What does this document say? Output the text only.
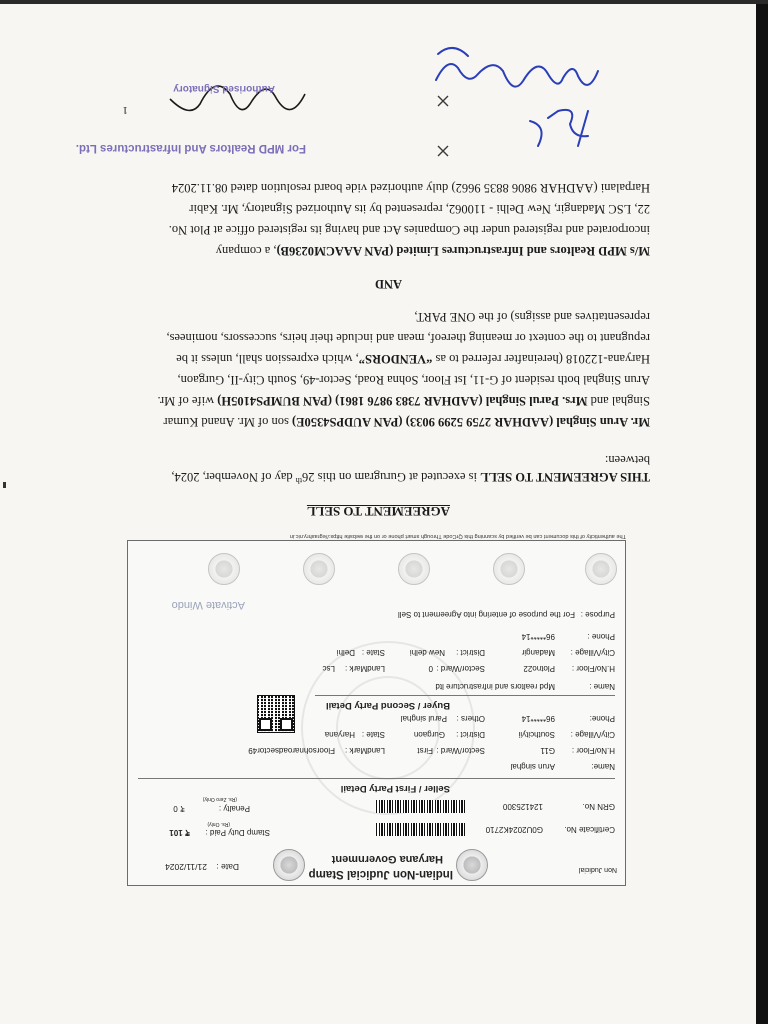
Non Judicial
Indian-Non Judicial Stamp
Haryana Government
Date :
21/11/2024
Certificate No.
G0U2024K2710
Stamp Duty Paid :
₹ 101
(Rs. Only)
GRN No.
124125300
Penalty :
₹ 0
(Rs. Zero Only)
Seller / First Party Detail
Name:
Arun singhal
H.No/Floor :
G11
Sector/Ward :
First
LandMark :
Floorsohnaroadsector49
City/Village :
Southcityii
District :
Gurgaon
State :
Haryana
Phone:
96*****14
Others :
Parul singhal
Buyer / Second Party Detail
Name :
Mpd realtors and infrastructure ltd
H.No/Floor :
Plotno22
Sector/Ward :
0
LandMark :
Lsc
City/Village :
Madangir
District :
New delhi
State :
Delhi
Phone :
96*****14
Purpose :
For the purpose of entering into Agreement to Sell
Activate Windo
The authenticity of this document can be verified by scanning this QrCode Through smart phone or on the website https://egrashry.nic.in
AGREEMENT TO SELL
THIS AGREEMENT TO SELL is executed at Gurugram on this 26th day of November, 2024,
between:
Mr. Arun Singhal (AADHAR 2759 5299 9033) (PAN AUDPS4350E) son of Mr. Anand Kumar
Singhal and Mrs. Parul Singhal (AADHAR 7383 9876 1861) (PAN BUMPS4105H) wife of Mr.
Arun Singhal both resident of G-11, Ist Floor, Sohna Road, Sector-49, South City-II, Gurgaon,
Haryana-122018 (hereinafter referred to as “VENDORS”, which expression shall, unless it be
repugnant to the context or meaning thereof, mean and include their heirs, successors, nominees,
representatives and assigns) of the ONE PART,
AND
M/s MPD Realtors and Infrastructures Limited (PAN AAACM0236B), a company
incorporated and registered under the Companies Act and having its registered office at Plot No.
22, LSC Madangir, New Delhi - 110062, represented by its Authorized Signatory, Mr. Kabir
Harpalani (AADHAR 9806 8835 9662) duly authorized vide board resolution dated 08.11.2024
For MPD Realtors And Infrastructures Ltd.
Authorised Signatory
1
